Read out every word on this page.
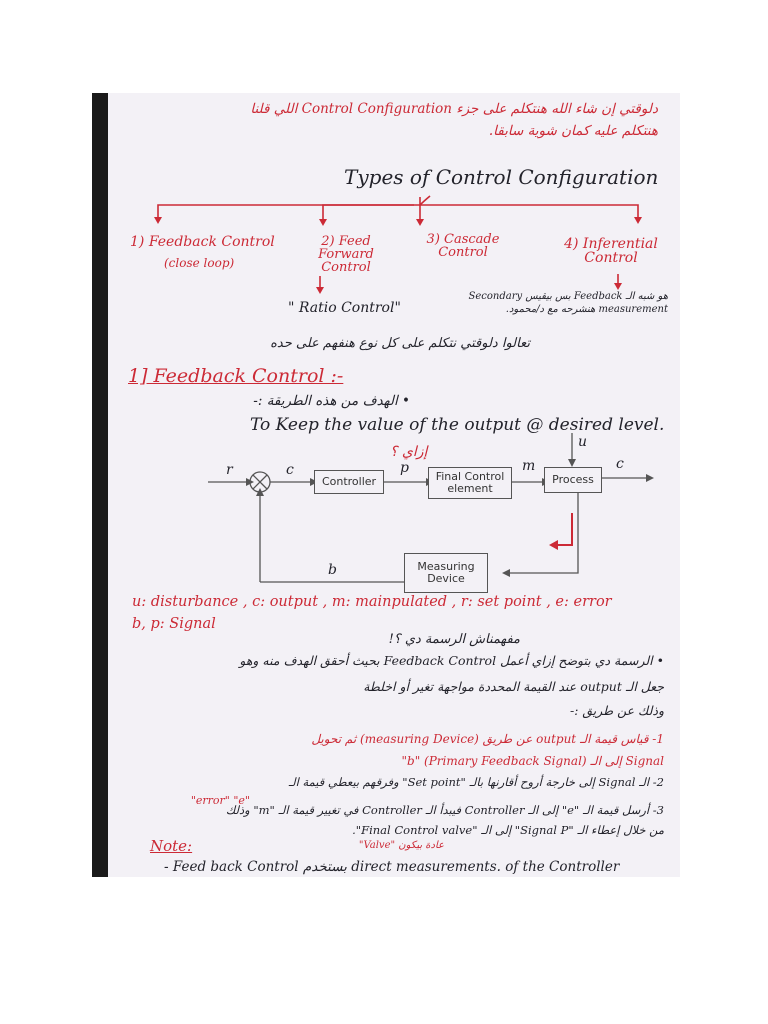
دلوقتي إن شاء الله هنتكلم على جزء Control Configuration اللي قلنا
هنتكلم عليه كمان شوية سابقا.
Types of Control Configuration
1) Feedback Control
(close loop)
2) Feed Forward Control
" Ratio Control"
3) Cascade Control
4) Inferential Control
هو شبه الـ Feedback بس بيقيس Secondary measurement هنشرحه مع د/محمود.
تعالوا دلوقتي نتكلم على كل نوع هنفهم على حده
1] Feedback Control :-
• الهدف من هذه الطريقة :-
To Keep the value of the output @ desired level.
Controller	Final Control element
Process
Measuring Device
r	c	p	m	c
u
b
إزاي ؟
u: disturbance , c: output , m: mainpulated , r: set point , e: error
b, p: Signal
مفهمناش الرسمة دي ؟!
• الرسمة دي بتوضح إزاي أعمل Feedback Control بحيث أحقق الهدف منه وهو
جعل الـ output عند القيمة المحددة مواجهة تغير أو اخلطة
وذلك عن طريق :-
1- قياس قيمة الـ output عن طريق (measuring Device) ثم تحويل
"b" (Primary Feedback Signal) إلى الـ Signal
2- الـ Signal إلى خارجة أروح أقارنها بالـ "Set point" وفرقهم بيعطي قيمة الـ
"error" "e"
3- أرسل قيمة الـ "e" إلى الـ Controller فيبدأ الـ Controller في تغيير قيمة الـ "m" وذلك
من خلال إعطاء الـ "Signal P" إلى الـ "Final Control valve".
"Valve" عادة بيكون
Note:
- Feed back Control بستخدم direct measurements. of the Controller
